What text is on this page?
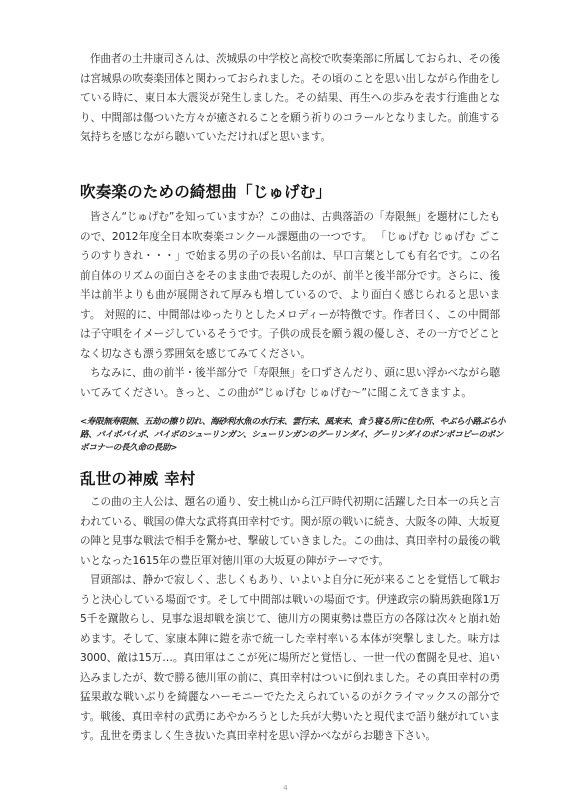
作曲者の土井康司さんは、茨城県の中学校と高校で吹奏楽部に所属しておられ、その後は宮城県の吹奏楽団体と関わっておられました。その頃のことを思い出しながら作曲をしている時に、東日本大震災が発生しました。その結果、再生への歩みを表す行進曲となり、中間部は傷ついた方々が癒されることを願う祈りのコラールとなりました。前進する気持ちを感じながら聴いていただければと思います。

吹奏楽のための綺想曲「じゅげむ」

皆さん“じゅげむ”を知っていますか？この曲は、古典落語の「寿限無」を題材にしたもので、2012年度全日本吹奏楽コンクール課題曲の一つです。 「じゅげむ じゅげむ ごこうのすりきれ・・・」で始まる男の子の長い名前は、早口言葉としても有名です。この名前自体のリズムの面白さをそのまま曲で表現したのが、前半と後半部分です。さらに、後半は前半よりも曲が展開されて厚みも増しているので、より面白く感じられると思います。 対照的に、中間部はゆったりとしたメロディーが特徴です。作者曰く、この中間部は子守唄をイメージしているそうです。子供の成長を願う親の優しさ、その一方でどことなく切なさも漂う雰囲気を感じてみてください。

ちなみに、曲の前半・後半部分で「寿限無」を口ずさんだり、頭に思い浮かべながら聴いてみてください。きっと、この曲が“じゅげむ じゅげむ～”に聞こえてきますよ。

<寿限無寿限無、五劫の擦り切れ、海砂利水魚の水行末、雲行末、風来末、食う寝る所に住む所、やぶら小路ぶら小路、パイポパイポ、パイポのシューリンガン、シューリンガンのグーリンダイ、グーリンダイのポンポコピーのポンポコナーの長久命の長助>

乱世の神威 幸村

この曲の主人公は、題名の通り、安土桃山から江戸時代初期に活躍した日本一の兵と言われている、戦国の偉大な武将真田幸村です。関が原の戦いに続き、大阪冬の陣、大坂夏の陣と見事な戦法で相手を驚かせ、撃破していきました。この曲は、真田幸村の最後の戦いとなった1615年の豊臣軍対徳川軍の大坂夏の陣がテーマです。

冒頭部は、静かで寂しく、悲しくもあり、いよいよ自分に死が来ることを覚悟して戦おうと決心している場面です。そして中間部は戦いの場面です。伊達政宗の騎馬鉄砲隊1万5千を蹴散らし、見事な退却戦を演じて、徳川方の関東勢は豊臣方の各隊は次々と崩れ始めます。そして、家康本陣に鎧を赤で統一した幸村率いる本体が突撃しました。味方は3000、敵は15万…。真田軍はここが死に場所だと覚悟し、一世一代の奮闘を見せ、追い込みましたが、数で勝る徳川軍の前に、真田幸村はついに倒れました。その真田幸村の勇猛果敢な戦いぶりを綺麗なハーモニーでたたえられているのがクライマックスの部分です。戦後、真田幸村の武勇にあやかろうとした兵が大勢いたと現代まで語り継がれています。乱世を勇ましく生き抜いた真田幸村を思い浮かべながらお聴き下さい。

4
